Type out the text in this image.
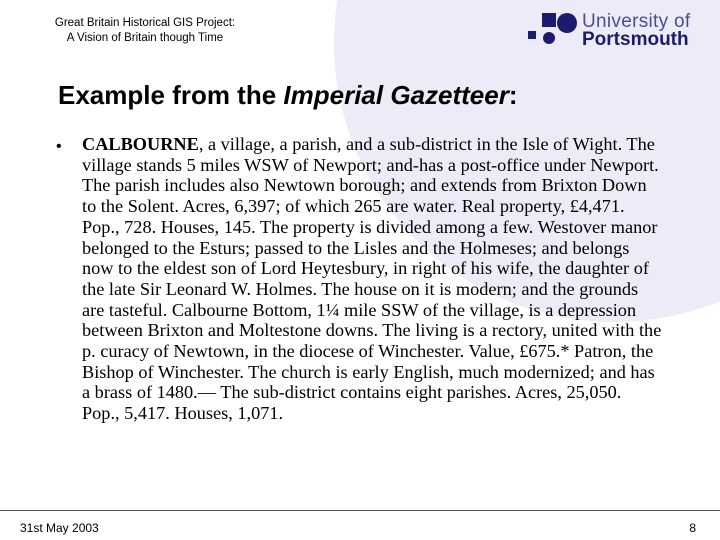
Great Britain Historical GIS Project:
A Vision of Britain though Time
University of
Portsmouth
Example from the Imperial Gazetteer:
• CALBOURNE, a village, a parish, and a sub-district in the Isle of Wight. The village stands 5 miles WSW of Newport; and-has a post-office under Newport. The parish includes also Newtown borough; and extends from Brixton Down to the Solent. Acres, 6,397; of which 265 are water. Real property, £4,471. Pop., 728. Houses, 145. The property is divided among a few. Westover manor belonged to the Esturs; passed to the Lisles and the Holmeses; and belongs now to the eldest son of Lord Heytesbury, in right of his wife, the daughter of the late Sir Leonard W. Holmes. The house on it is modern; and the grounds are tasteful. Calbourne Bottom, 1¼ mile SSW of the village, is a depression between Brixton and Moltestone downs. The living is a rectory, united with the p. curacy of Newtown, in the diocese of Winchester. Value, £675.* Patron, the Bishop of Winchester. The church is early English, much modernized; and has a brass of 1480.— The sub-district contains eight parishes. Acres, 25,050. Pop., 5,417. Houses, 1,071.

31st May 2003	8
